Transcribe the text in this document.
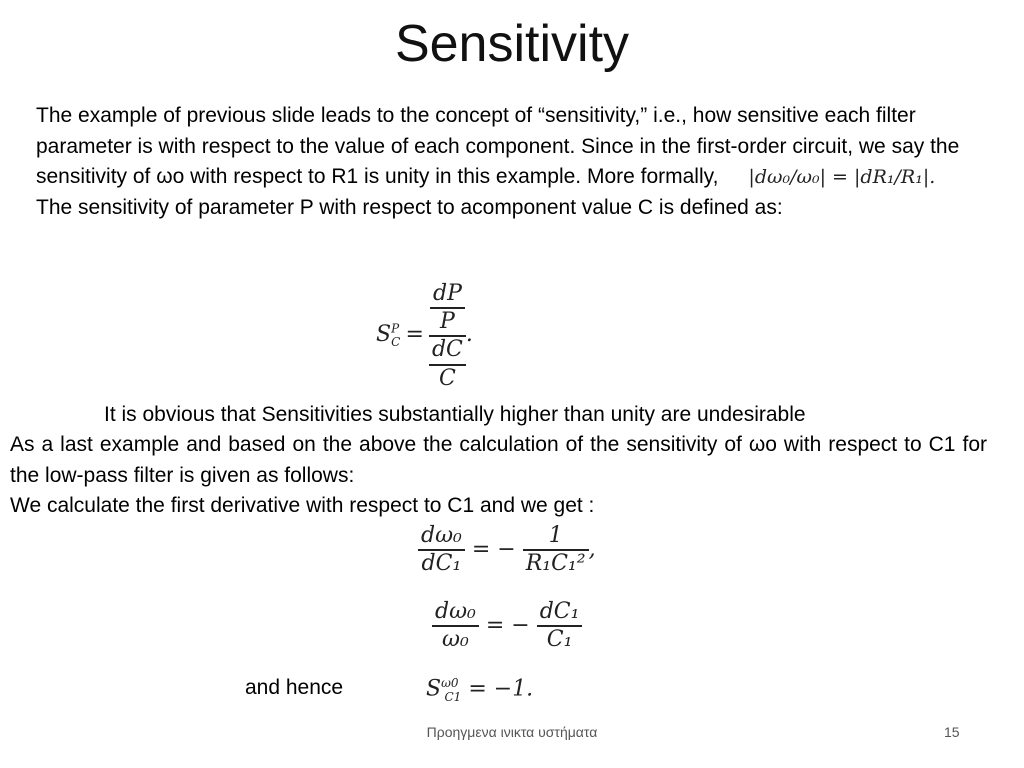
Sensitivity

The example of previous slide leads to the concept of “sensitivity,” i.e., how sensitive each filter parameter is with respect to the value of each component. Since in the first-order circuit, we say the sensitivity of ωo with respect to R1 is unity in this example. More formally, |dω₀/ω₀| = |dR₁/R₁|.

The sensitivity of parameter P with respect to acomponent value C is defined as:

$S^P_C = \frac{\frac{dP}{P}}{\frac{dC}{C}}$ .
It is obvious that Sensitivities substantially higher than unity are undesirable

As a last example and based on the above the calculation of the sensitivity of ωo with respect to C1 for the low-pass filter is given as follows:

We calculate the first derivative with respect to C1 and we get :

$\frac{\text{dω₀}}{\text{dC₁}}$ = − $\frac{1}{\text{R₁C₁²}}$ ,
$\frac{\text{dω₀}}{\text{ω₀}}$ = − $\frac{\text{dC₁}}{\text{C₁}}$
and hence	$S^{\omega 0}_{C1} = -1$.
Προηγμενα ινικτα υστήματα	15
